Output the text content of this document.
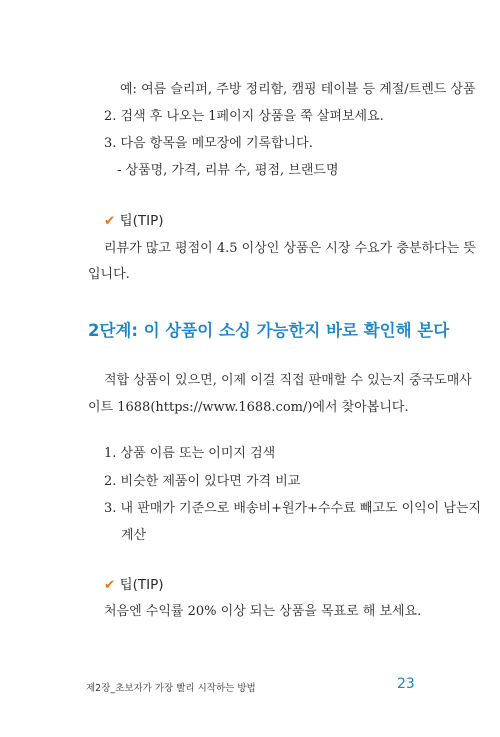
예: 여름 슬리퍼, 주방 정리함, 캠핑 테이블 등 계절/트렌드 상품
2. 검색 후 나오는 1페이지 상품을 쭉 살펴보세요.
3. 다음 항목을 메모장에 기록합니다.
- 상품명, 가격, 리뷰 수, 평점, 브랜드명
✔ 팁(TIP)
리뷰가 많고 평점이 4.5 이상인 상품은 시장 수요가 충분하다는 뜻
입니다.
2단계: 이 상품이 소싱 가능한지 바로 확인해 본다
적합 상품이 있으면, 이제 이걸 직접 판매할 수 있는지 중국도매사
이트 1688(https://www.1688.com/)에서 찾아봅니다.
1. 상품 이름 또는 이미지 검색
2. 비슷한 제품이 있다면 가격 비교
3. 내 판매가 기준으로 배송비+원가+수수료 빼고도 이익이 남는지
계산
✔ 팁(TIP)
처음엔 수익률 20% 이상 되는 상품을 목표로 해 보세요.
제2장_초보자가 가장 빨리 시작하는 방법	23
